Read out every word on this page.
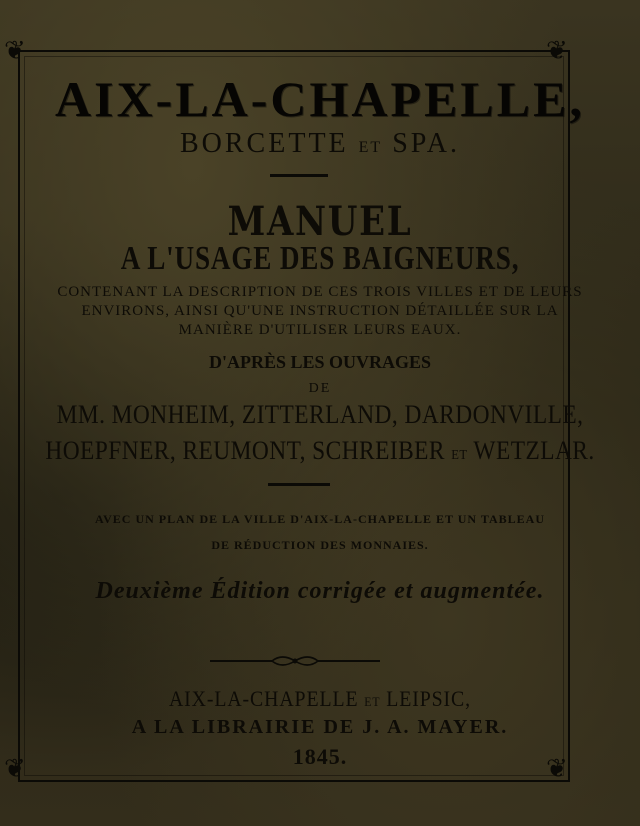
❦	❦
❦	❦
AIX-LA-CHAPELLE,
BORCETTE ET SPA.
MANUEL
A L'USAGE DES BAIGNEURS,
CONTENANT LA DESCRIPTION DE CES TROIS VILLES ET DE LEURS
ENVIRONS, AINSI QU'UNE INSTRUCTION DÉTAILLÉE SUR LA
MANIÈRE D'UTILISER LEURS EAUX.
D'APRÈS LES OUVRAGES
DE
MM. MONHEIM, ZITTERLAND, DARDONVILLE,
HOEPFNER, REUMONT, SCHREIBER ET WETZLAR.
AVEC UN PLAN DE LA VILLE D'AIX-LA-CHAPELLE ET UN TABLEAU
DE RÉDUCTION DES MONNAIES.
Deuxième Édition corrigée et augmentée.
AIX-LA-CHAPELLE ET LEIPSIC,
A LA LIBRAIRIE DE J. A. MAYER.
1845.
